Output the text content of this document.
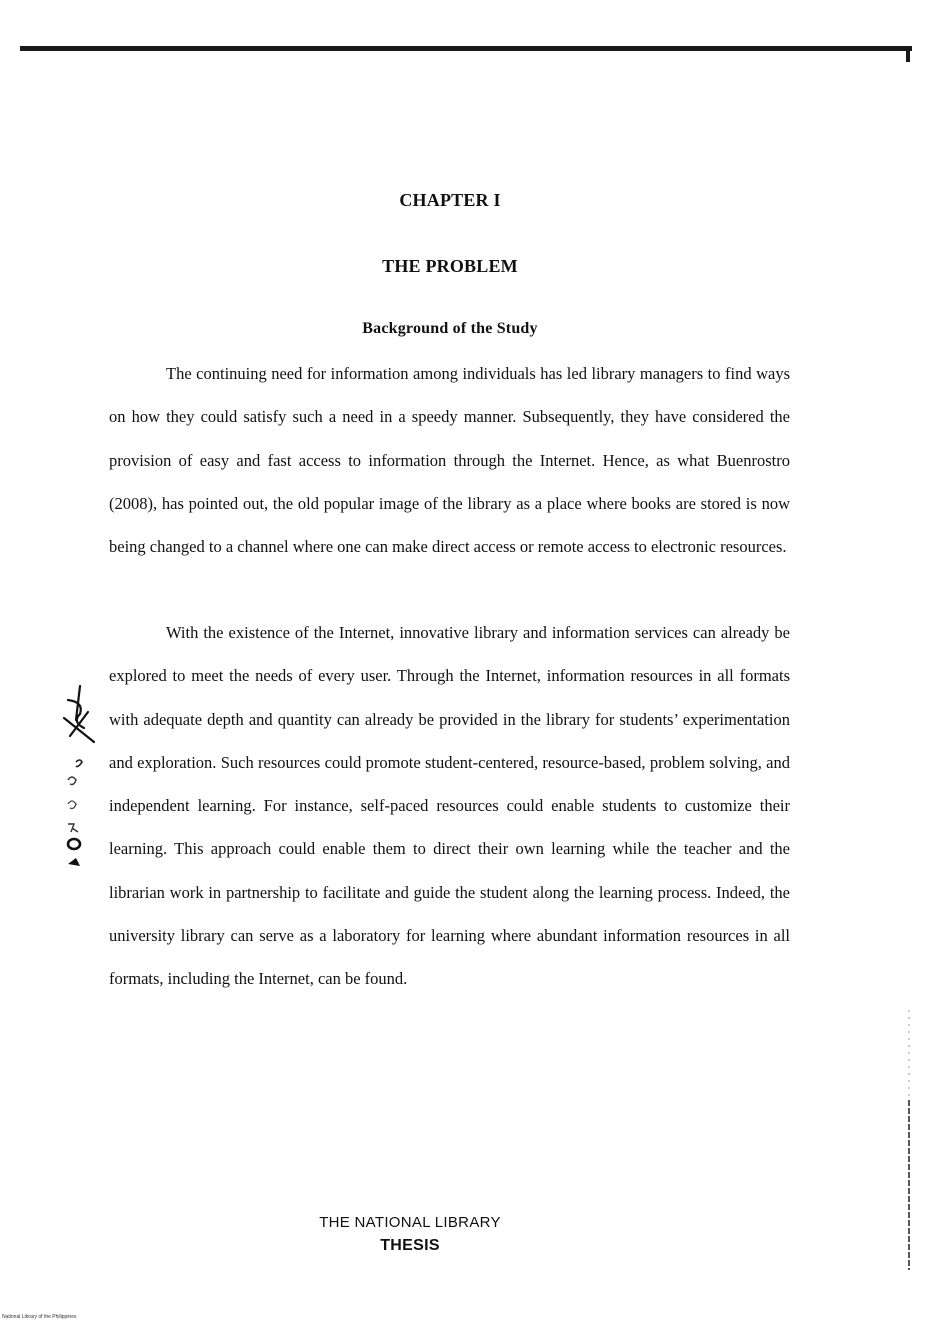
CHAPTER I
THE PROBLEM
Background of the Study

The continuing need for information among individuals has led library managers to find ways on how they could satisfy such a need in a speedy manner. Subsequently, they have considered the provision of easy and fast access to information through the Internet. Hence, as what Buenrostro (2008), has pointed out, the old popular image of the library as a place where books are stored is now being changed to a channel where one can make direct access or remote access to electronic resources.

With the existence of the Internet, innovative library and information services can already be explored to meet the needs of every user. Through the Internet, information resources in all formats with adequate depth and quantity can already be provided in the library for students’ experimentation and exploration. Such resources could promote student-centered, resource-based, problem solving, and independent learning. For instance, self-paced resources could enable students to customize their learning. This approach could enable them to direct their own learning while the teacher and the librarian work in partnership to facilitate and guide the student along the learning process. Indeed, the university library can serve as a laboratory for learning where abundant information resources in all formats, including the Internet, can be found.

THE NATIONAL LIBRARY
THESIS
National Library of the Philippines
